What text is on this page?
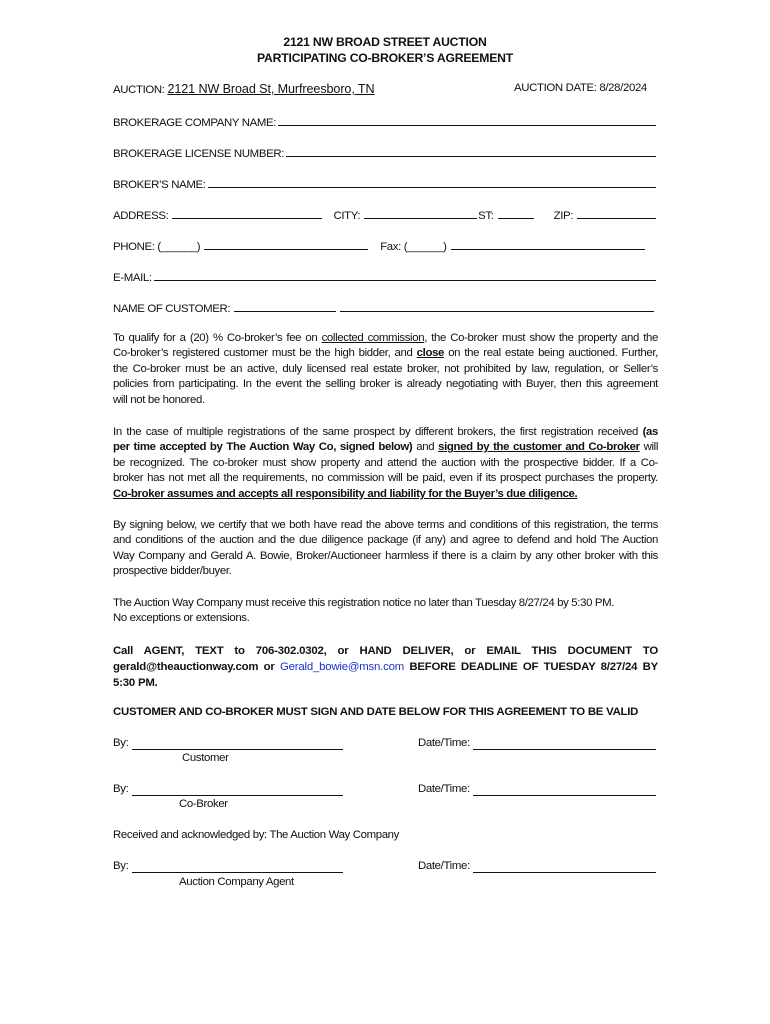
2121 NW BROAD STREET AUCTION
PARTICIPATING CO-BROKER’S AGREEMENT
AUCTION: 2121 NW Broad St, Murfreesboro, TN	AUCTION DATE: 8/28/2024
BROKERAGE COMPANY NAME:
BROKERAGE LICENSE NUMBER:
BROKER’S NAME:
ADDRESS:	CITY:	ST:	ZIP:
PHONE: (______)	Fax: (______)
E-MAIL:
NAME OF CUSTOMER:
To qualify for a (20) % Co-broker’s fee on collected commission, the Co-broker must show the property and the
Co-broker’s registered customer must be the high bidder, and close on the real estate being auctioned. Further,
the Co-broker must be an active, duly licensed real estate broker, not prohibited by law, regulation, or Seller’s
policies from participating. In the event the selling broker is already negotiating with Buyer, then this agreement
will not be honored.
In the case of multiple registrations of the same prospect by different brokers, the first registration received (as
per time accepted by The Auction Way Co, signed below) and signed by the customer and Co-broker will
be recognized. The co-broker must show property and attend the auction with the prospective bidder. If a Co-
broker has not met all the requirements, no commission will be paid, even if its prospect purchases the property.
Co-broker assumes and accepts all responsibility and liability for the Buyer’s due diligence.
By signing below, we certify that we both have read the above terms and conditions of this registration, the terms
and conditions of the auction and the due diligence package (if any) and agree to defend and hold The Auction
Way Company and Gerald A. Bowie, Broker/Auctioneer harmless if there is a claim by any other broker with this
prospective bidder/buyer.
The Auction Way Company must receive this registration notice no later than Tuesday 8/27/24 by 5:30 PM.
No exceptions or extensions.
Call AGENT, TEXT to 706-302.0302, or HAND DELIVER, or EMAIL THIS DOCUMENT TO
gerald@theauctionway.com or Gerald_bowie@msn.com BEFORE DEADLINE OF TUESDAY 8/27/24 BY
5:30 PM.
CUSTOMER AND CO-BROKER MUST SIGN AND DATE BELOW FOR THIS AGREEMENT TO BE VALID
By:	Date/Time:
Customer
By:	Date/Time:
Co-Broker
Received and acknowledged by: The Auction Way Company
By:	Date/Time:
Auction Company Agent
